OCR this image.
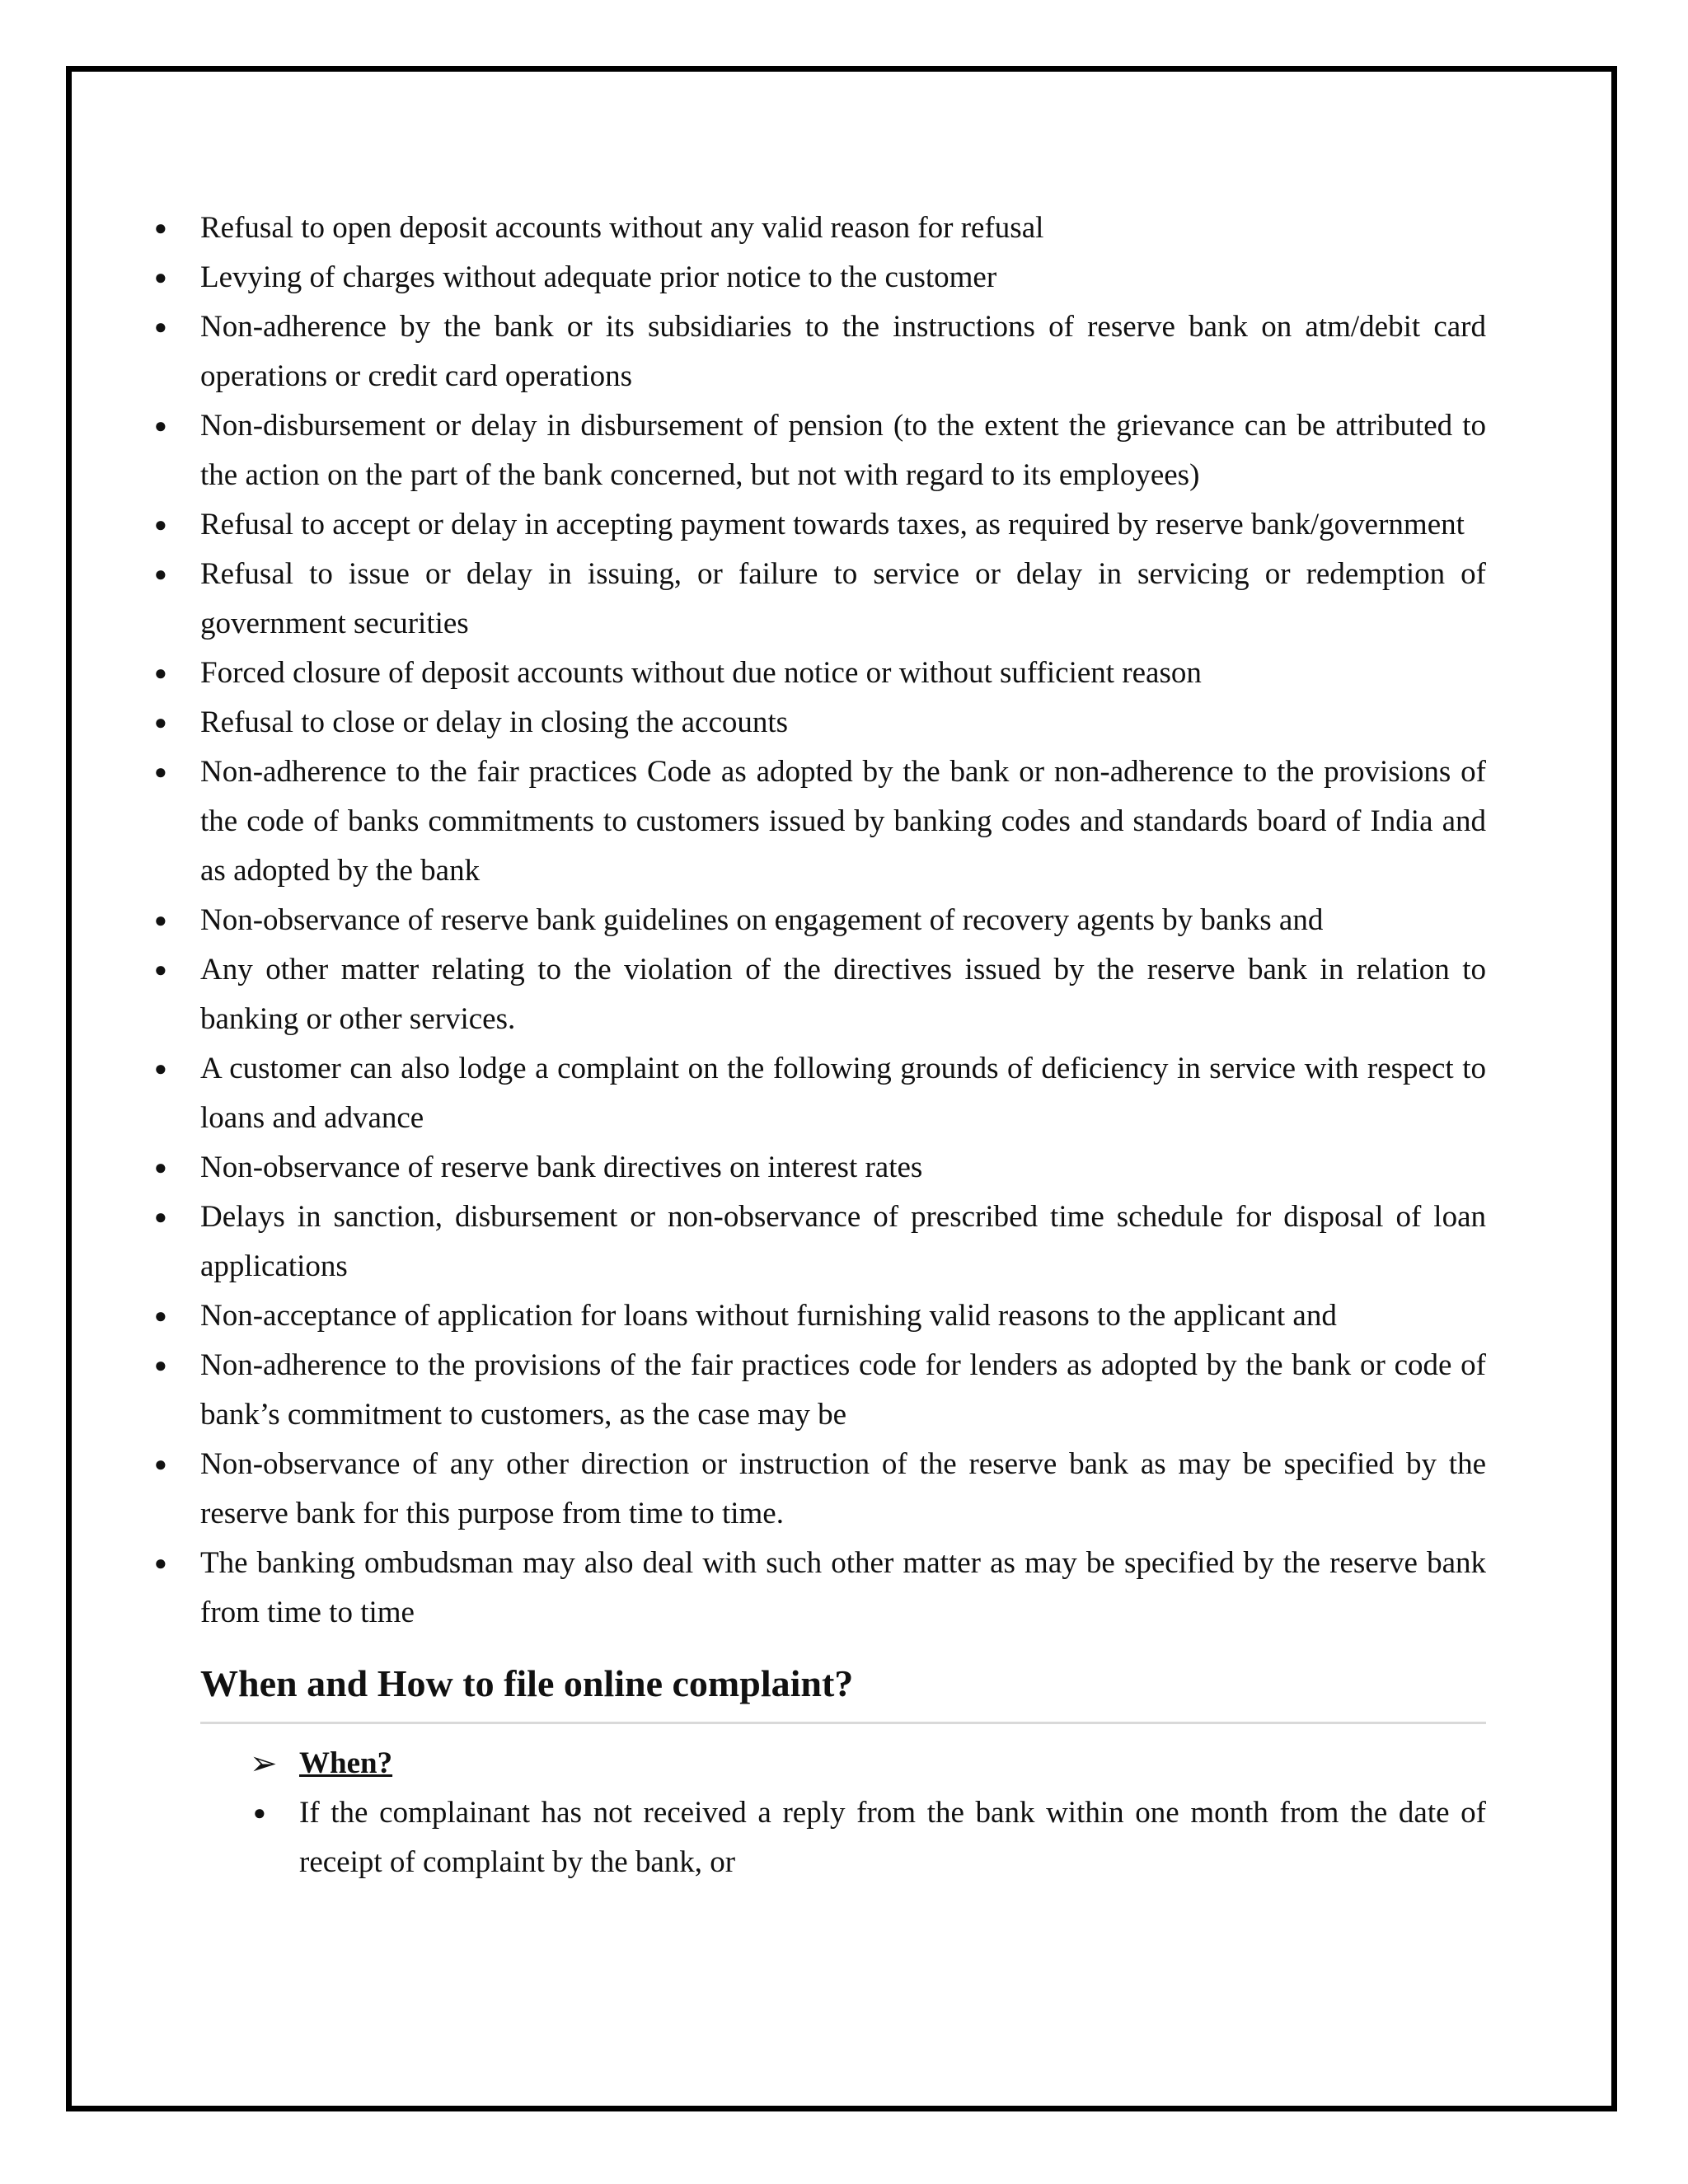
● Refusal to open deposit accounts without any valid reason for refusal
● Levying of charges without adequate prior notice to the customer
● Non-adherence by the bank or its subsidiaries to the instructions of reserve bank on atm/debit card operations or credit card operations
● Non-disbursement or delay in disbursement of pension (to the extent the grievance can be attributed to the action on the part of the bank concerned, but not with regard to its employees)
● Refusal to accept or delay in accepting payment towards taxes, as required by reserve bank/government
● Refusal to issue or delay in issuing, or failure to service or delay in servicing or redemption of government securities
● Forced closure of deposit accounts without due notice or without sufficient reason
● Refusal to close or delay in closing the accounts
● Non-adherence to the fair practices Code as adopted by the bank or non-adherence to the provisions of the code of banks commitments to customers issued by banking codes and standards board of India and as adopted by the bank
● Non-observance of reserve bank guidelines on engagement of recovery agents by banks and
● Any other matter relating to the violation of the directives issued by the reserve bank in relation to banking or other services.
● A customer can also lodge a complaint on the following grounds of deficiency in service with respect to loans and advance
● Non-observance of reserve bank directives on interest rates
● Delays in sanction, disbursement or non-observance of prescribed time schedule for disposal of loan applications
● Non-acceptance of application for loans without furnishing valid reasons to the applicant and
● Non-adherence to the provisions of the fair practices code for lenders as adopted by the bank or code of bank’s commitment to customers, as the case may be
● Non-observance of any other direction or instruction of the reserve bank as may be specified by the reserve bank for this purpose from time to time.
● The banking ombudsman may also deal with such other matter as may be specified by the reserve bank from time to time
When and How to file online complaint?
➢ When?
● If the complainant has not received a reply from the bank within one month from the date of receipt of complaint by the bank, or
